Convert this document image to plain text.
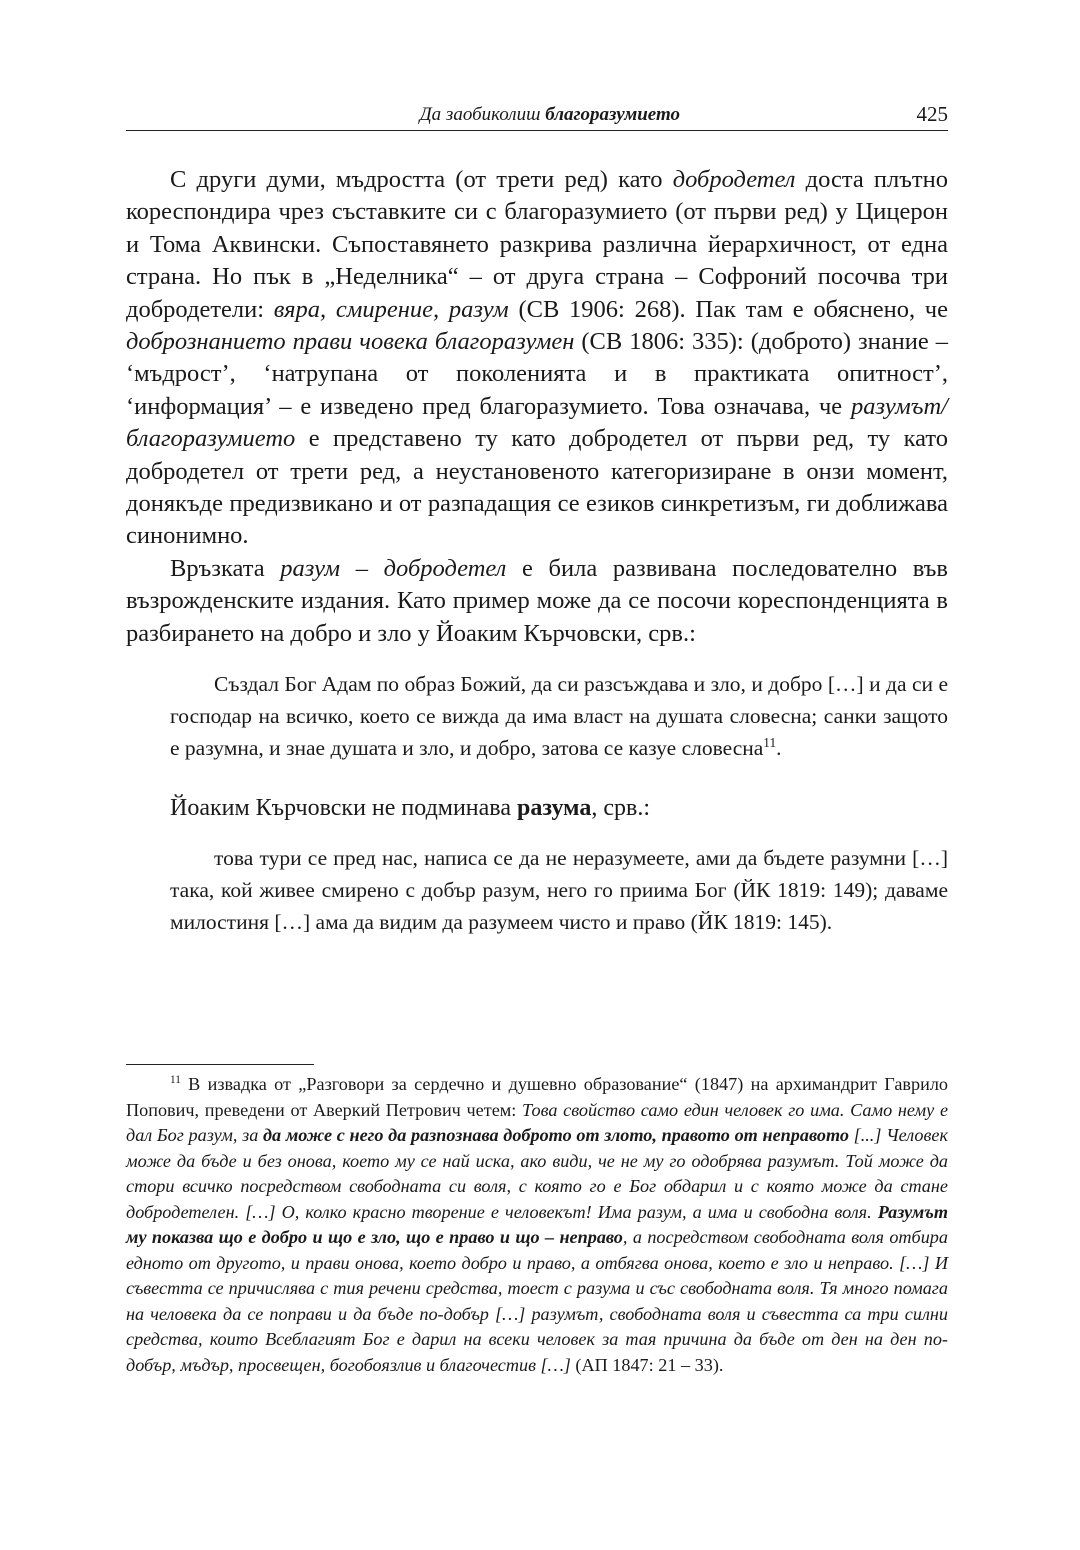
Да заобиколиш благоразумието	425

С други думи, мъдростта (от трети ред) като добродетел доста плътно кореспондира чрез съставките си с благоразумието (от първи ред) у Цицерон и Тома Аквински. Съпоставянето разкрива различна йерархичност, от една страна. Но пък в „Неделника“ – от друга страна – Софроний посочва три добродетели: вяра, смирение, разум (СВ 1906: 268). Пак там е обяснено, че добрознанието прави човека благоразумен (СВ 1806: 335): (доброто) знание – ‘мъдрост’, ‘натрупана от поколенията и в практиката опитност’, ‘информация’ – е изведено пред благоразумието. Това означава, че разумът/благоразумието е представено ту като добродетел от първи ред, ту като добродетел от трети ред, а неустановеното категоризиране в онзи момент, донякъде предизвикано и от разпадащия се езиков синкретизъм, ги доближава синонимно.

Връзката разум – добродетел е била развивана последователно във възрожденските издания. Като пример може да се посочи кореспонденцията в разбирането на добро и зло у Йоаким Кърчовски, срв.:

Създал Бог Адам по образ Божий, да си разсъждава и зло, и добро […] и да си е господар на всичко, което се вижда да има власт на душата словесна; санки защото е разумна, и знае душата и зло, и добро, затова се казуе словесна$^{11}$.

Йоаким Кърчовски не подминава разума, срв.:

това тури се пред нас, написа се да не неразумеете, ами да бъдете разумни […] така, кой живее смирено с добър разум, него го приима Бог (ЙК 1819: 149); даваме милостиня […] ама да видим да разумеем чисто и право (ЙК 1819: 145).

$^{11}$ В извадка от „Разговори за сердечно и душевно образование“ (1847) на архимандрит Гаврило Попович, преведени от Аверкий Петрович четем: Това свойство само един человек го има. Само нему е дал Бог разум, за да може с него да разпознава доброто от злото, правото от неправото [...] Человек може да бъде и без онова, което му се най иска, ако види, че не му го одобрява разумът. Той може да стори всичко посредством свободната си воля, с която го е Бог обдарил и с която може да стане добродетелен. […] О, колко красно творение е человекът! Има разум, а има и свободна воля. Разумът му показва що е добро и що е зло, що е право и що – неправо, а посредством свободната воля отбира едното от другото, и прави онова, което добро и право, а отбягва онова, което е зло и неправо. […] И съвестта се причислява с тия речени средства, тоест с разума и със свободната воля. Тя много помага на человека да се поправи и да бъде по-добър […] разумът, свободната воля и съвестта са три силни средства, които Всеблагият Бог е дарил на всеки человек за тая причина да бъде от ден на ден по-добър, мъдър, просвещен, богобоязлив и благочестив […] (АП 1847: 21 – 33).
